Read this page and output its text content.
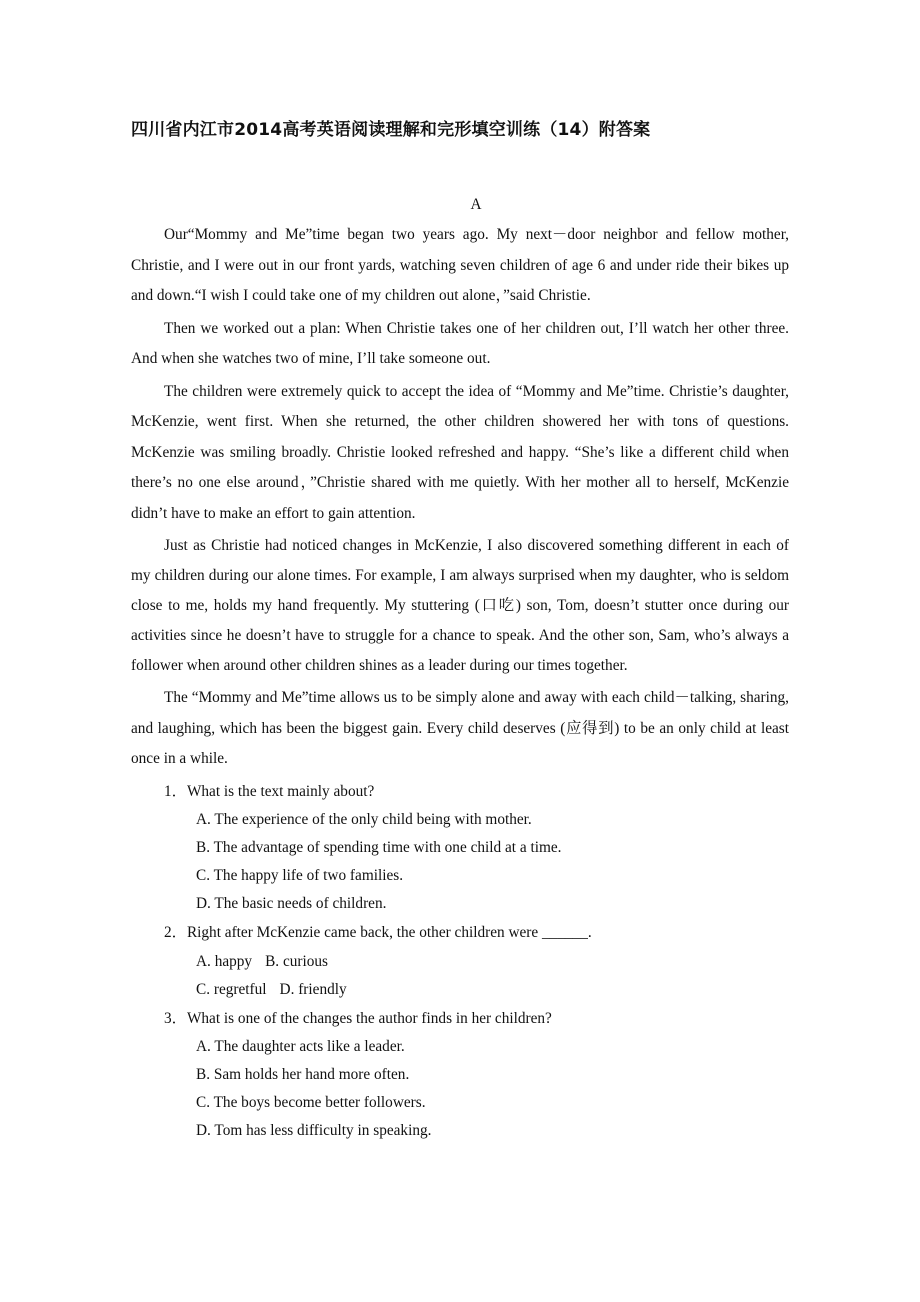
四川省内江市2014高考英语阅读理解和完形填空训练（14）附答案

A

Our“Mommy and Me”time began two years ago. My next－door neighbor and fellow mother, Christie, and I were out in our front yards, watching seven children of age 6 and under ride their bikes up and down.“I wish I could take one of my children out alone，”said Christie.

Then we worked out a plan: When Christie takes one of her children out, I’ll watch her other three. And when she watches two of mine, I’ll take someone out.

The children were extremely quick to accept the idea of “Mommy and Me”time. Christie’s daughter, McKenzie, went first. When she returned, the other children showered her with tons of questions. McKenzie was smiling broadly. Christie looked refreshed and happy. “She’s like a different child when there’s no one else around，”Christie shared with me quietly. With her mother all to herself, McKenzie didn’t have to make an effort to gain attention.

Just as Christie had noticed changes in McKenzie, I also discovered something different in each of my children during our alone times. For example, I am always surprised when my daughter, who is seldom close to me, holds my hand frequently. My stuttering (口吃) son, Tom, doesn’t stutter once during our activities since he doesn’t have to struggle for a chance to speak. And the other son, Sam, who’s always a follower when around other children shines as a leader during our times together.

The “Mommy and Me”time allows us to be simply alone and away with each child－talking, sharing, and laughing, which has been the biggest gain. Every child deserves (应得到) to be an only child at least once in a while.

1．What is the text mainly about?

A. The experience of the only child being with mother.

B. The advantage of spending time with one child at a time.

C. The happy life of two families.

D. The basic needs of children.

2．Right after McKenzie came back, the other children were ______.

A. happy B. curious

C. regretful D. friendly

3．What is one of the changes the author finds in her children?

A. The daughter acts like a leader.

B. Sam holds her hand more often.

C. The boys become better followers.

D. Tom has less difficulty in speaking.
